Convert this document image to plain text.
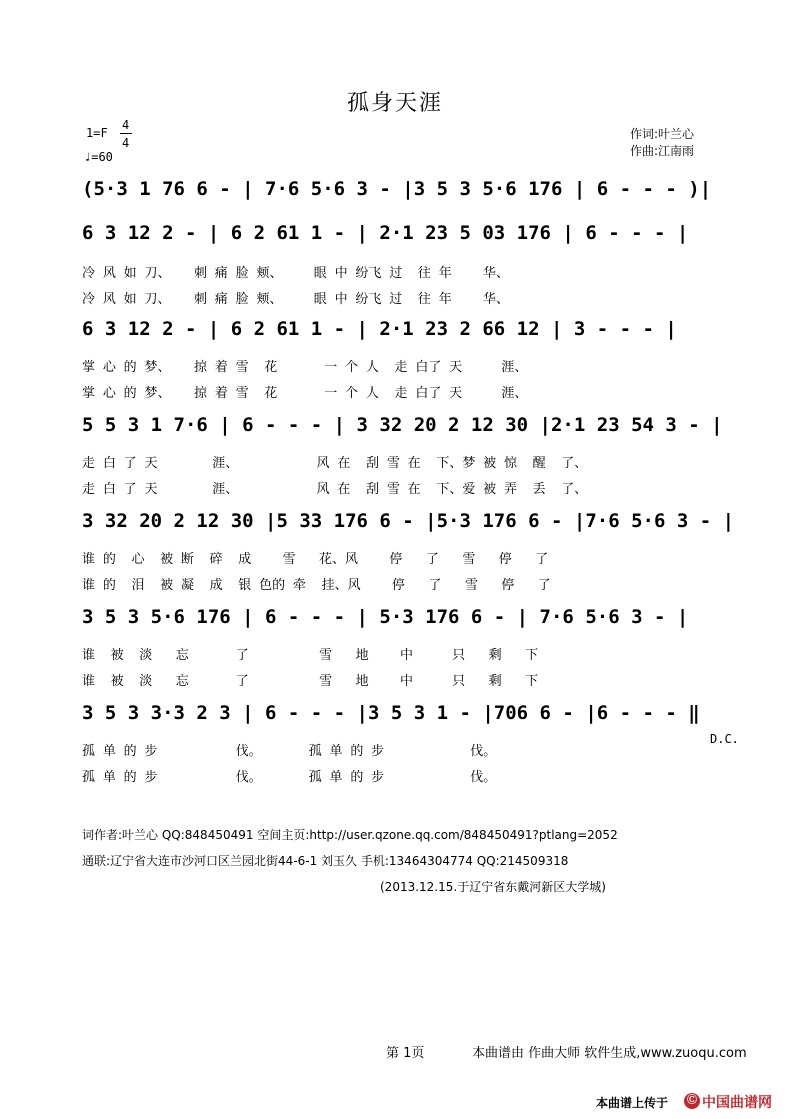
孤身天涯
1=F
4
4
♩=60
作词:叶兰心
作曲:江南雨
(5·3 1 76 6 - | 7·6 5·6 3 - |3 5 3 5·6 176 | 6 - - - )|
6 3 12 2 - | 6 2 61 1 - | 2·1 23 5 03 176 | 6 - - - |
冷 风 如 刀、   刺 痛 脸 颊、    眼 中 纷飞 过  往 年    华、
冷 风 如 刀、   刺 痛 脸 颊、    眼 中 纷飞 过  往 年    华、
6 3 12 2 - | 6 2 61 1 - | 2·1 23 2 66 12 | 3 - - - |
掌 心 的 梦、   掠 着 雪  花      一 个 人  走 白了 天     涯、
掌 心 的 梦、   掠 着 雪  花      一 个 人  走 白了 天     涯、
5 5 3 1 7·6 | 6 - - - | 3 32 20 2 12 30 |2·1 23 54 3 - |
走 白 了 天       涯、          风 在  刮 雪 在  下、梦 被 惊  醒  了、
走 白 了 天       涯、          风 在  刮 雪 在  下、爱 被 弄  丢  了、
3 32 20 2 12 30 |5 33 176 6 - |5·3 176 6 - |7·6 5·6 3 - |
谁 的  心  被 断  碎  成    雪   花、风    停   了   雪   停   了
谁 的  泪  被 凝  成  银 色的 牵  挂、风    停   了   雪   停   了
3 5 3 5·6 176 | 6 - - - | 5·3 176 6 - | 7·6 5·6 3 - |
谁  被  淡   忘      了         雪   地    中     只   剩   下
谁  被  淡   忘      了         雪   地    中     只   剩   下
3 5 3 3·3 2 3 | 6 - - - |3 5 3 1 - |706 6 - |6 - - - ‖
D.C.
孤 单 的 步          伐。      孤 单 的 步           伐。
孤 单 的 步          伐。      孤 单 的 步           伐。
词作者:叶兰心 QQ:848450491 空间主页:http://user.qzone.qq.com/848450491?ptlang=2052
通联:辽宁省大连市沙河口区兰园北街44-6-1 刘玉久 手机:13464304774 QQ:214509318
(2013.12.15.于辽宁省东戴河新区大学城)
第 1页	本曲谱由 作曲大师 软件生成,www.zuoqu.com
本曲谱上传于	Ⓒ 中国曲谱网
